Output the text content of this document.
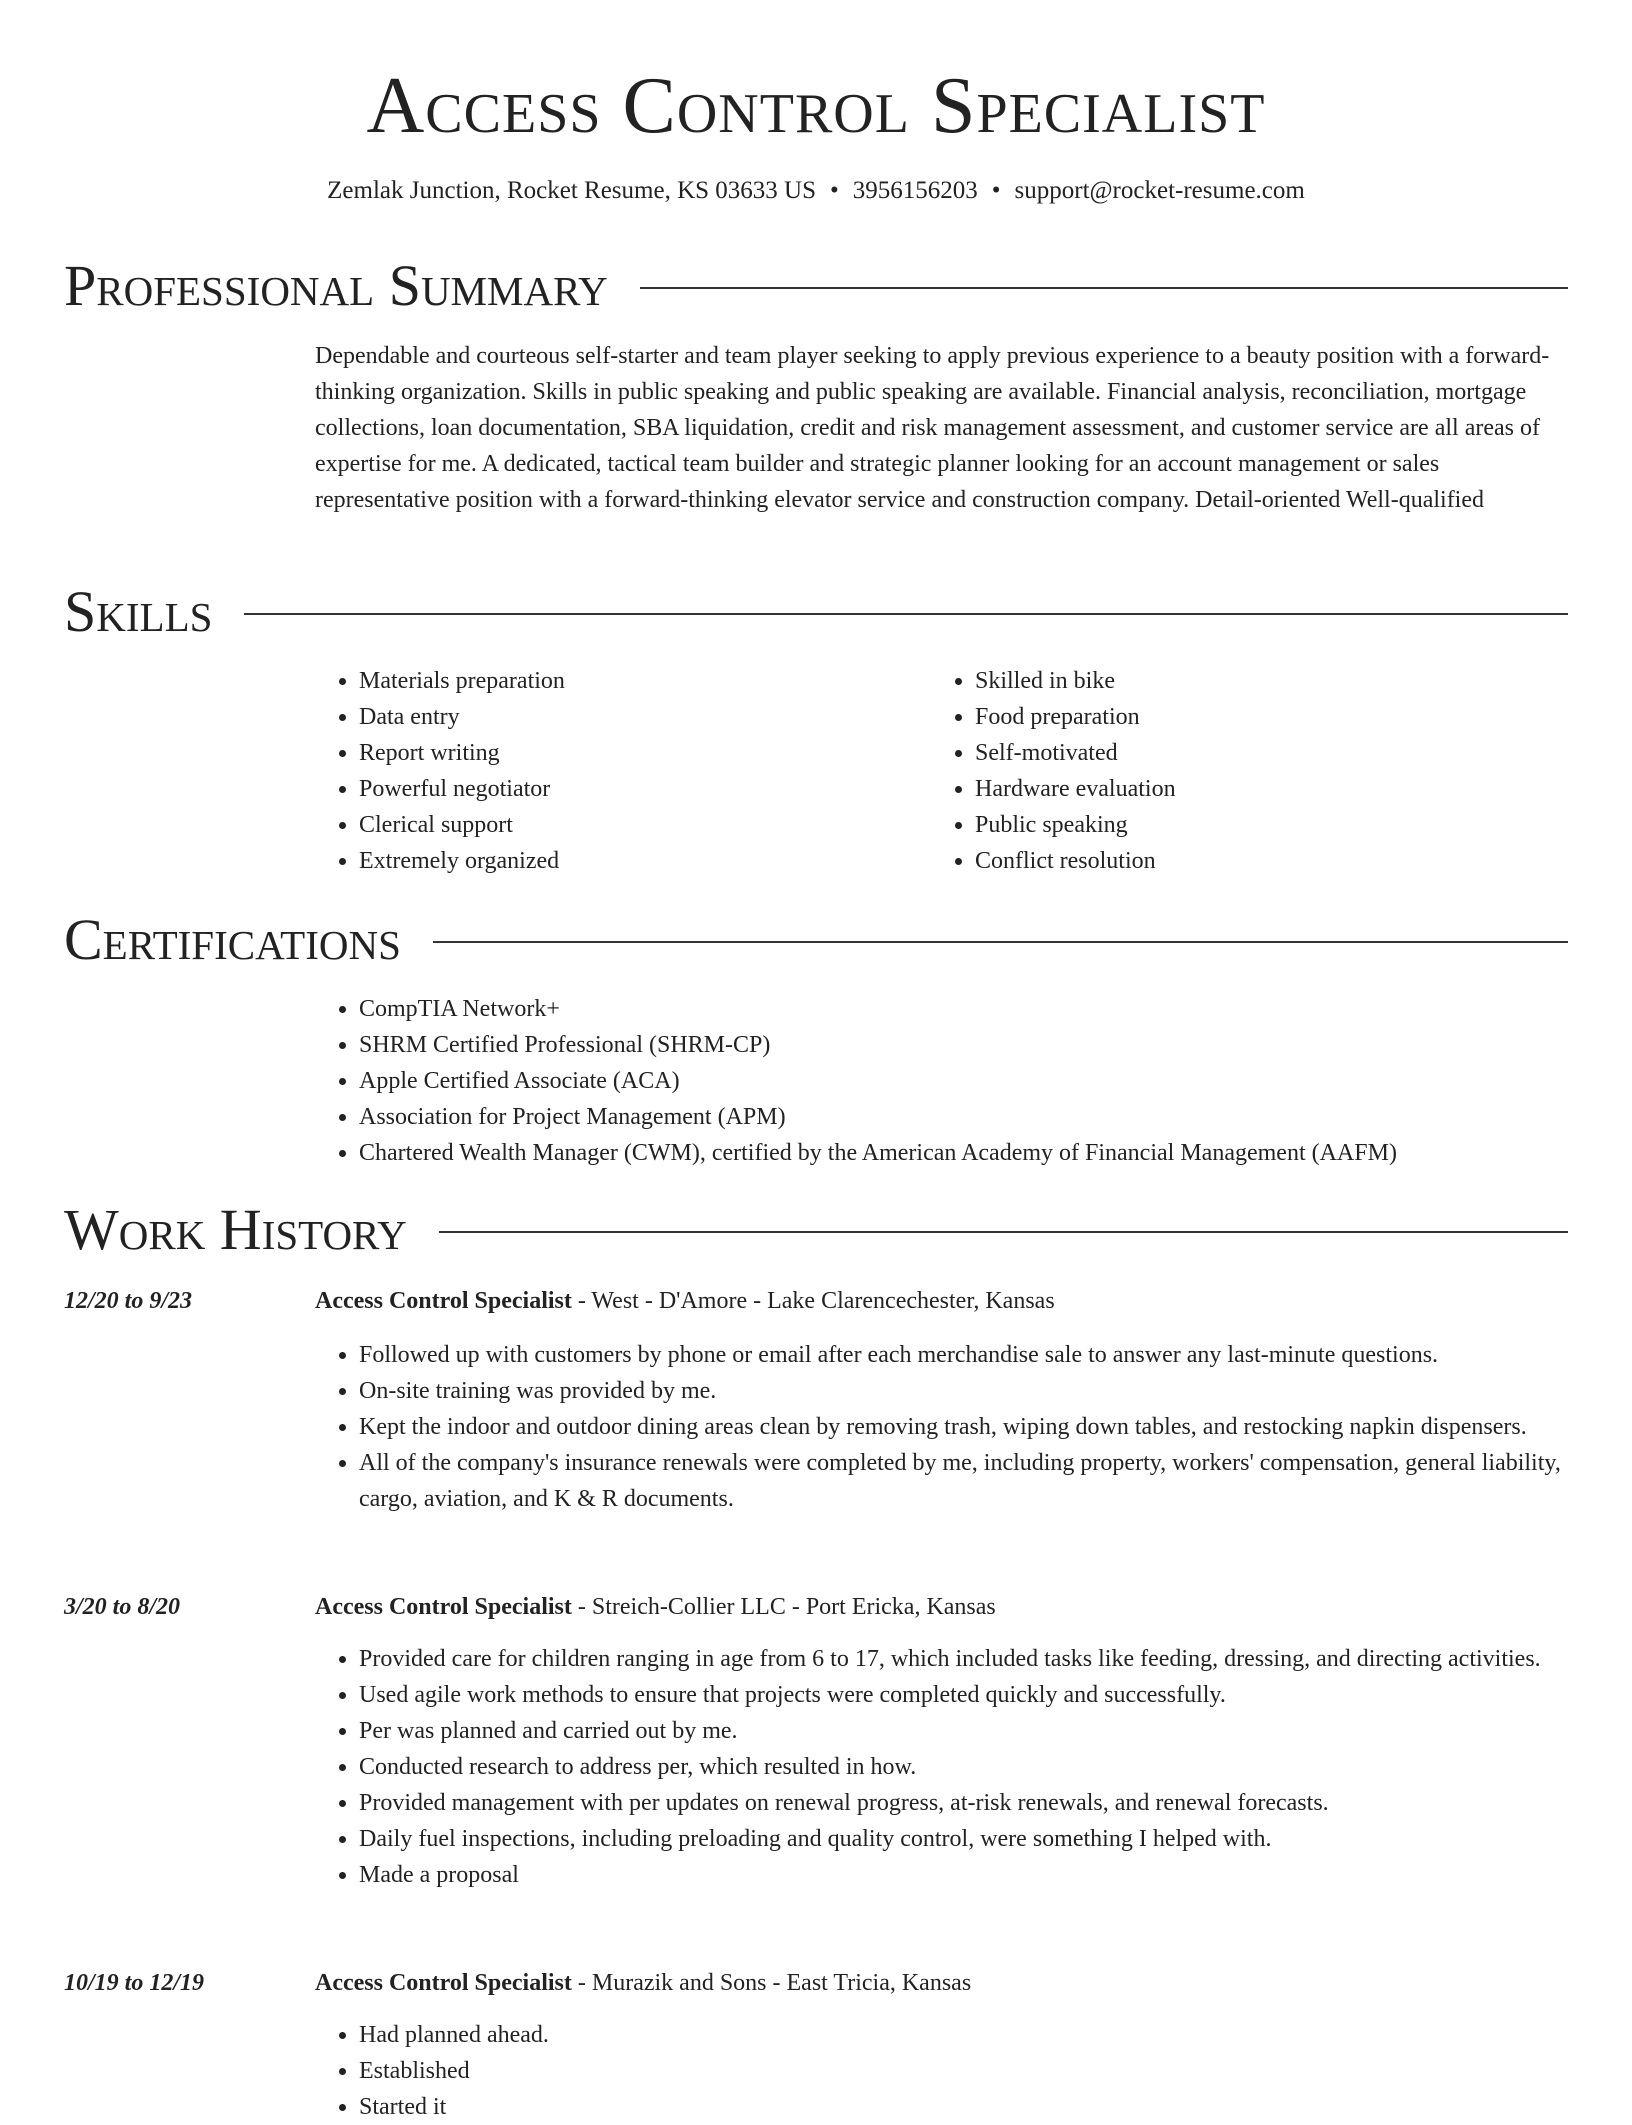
Access Control Specialist
Zemlak Junction, Rocket Resume, KS 03633 US • 3956156203 • support@rocket-resume.com
Professional Summary

Dependable and courteous self-starter and team player seeking to apply previous experience to a beauty position with a forward-thinking organization. Skills in public speaking and public speaking are available. Financial analysis, reconciliation, mortgage collections, loan documentation, SBA liquidation, credit and risk management assessment, and customer service are all areas of expertise for me. A dedicated, tactical team builder and strategic planner looking for an account management or sales representative position with a forward-thinking elevator service and construction company. Detail-oriented Well-qualified

Skills
• Materials preparation
• Data entry
• Report writing
• Powerful negotiator
• Clerical support
• Extremely organized
• Skilled in bike
• Food preparation
• Self-motivated
• Hardware evaluation
• Public speaking
• Conflict resolution
Certifications
• CompTIA Network+
• SHRM Certified Professional (SHRM-CP)
• Apple Certified Associate (ACA)
• Association for Project Management (APM)
• Chartered Wealth Manager (CWM), certified by the American Academy of Financial Management (AAFM)
Work History
12/20 to 9/23	Access Control Specialist - West - D'Amore - Lake Clarencechester, Kansas
• Followed up with customers by phone or email after each merchandise sale to answer any last-minute questions.
• On-site training was provided by me.
• Kept the indoor and outdoor dining areas clean by removing trash, wiping down tables, and restocking napkin dispensers.
• All of the company's insurance renewals were completed by me, including property, workers' compensation, general liability, cargo, aviation, and K & R documents.
3/20 to 8/20	Access Control Specialist - Streich-Collier LLC - Port Ericka, Kansas
• Provided care for children ranging in age from 6 to 17, which included tasks like feeding, dressing, and directing activities.
• Used agile work methods to ensure that projects were completed quickly and successfully.
• Per was planned and carried out by me.
• Conducted research to address per, which resulted in how.
• Provided management with per updates on renewal progress, at-risk renewals, and renewal forecasts.
• Daily fuel inspections, including preloading and quality control, were something I helped with.
• Made a proposal
10/19 to 12/19	Access Control Specialist - Murazik and Sons - East Tricia, Kansas
• Had planned ahead.
• Established
• Started it
